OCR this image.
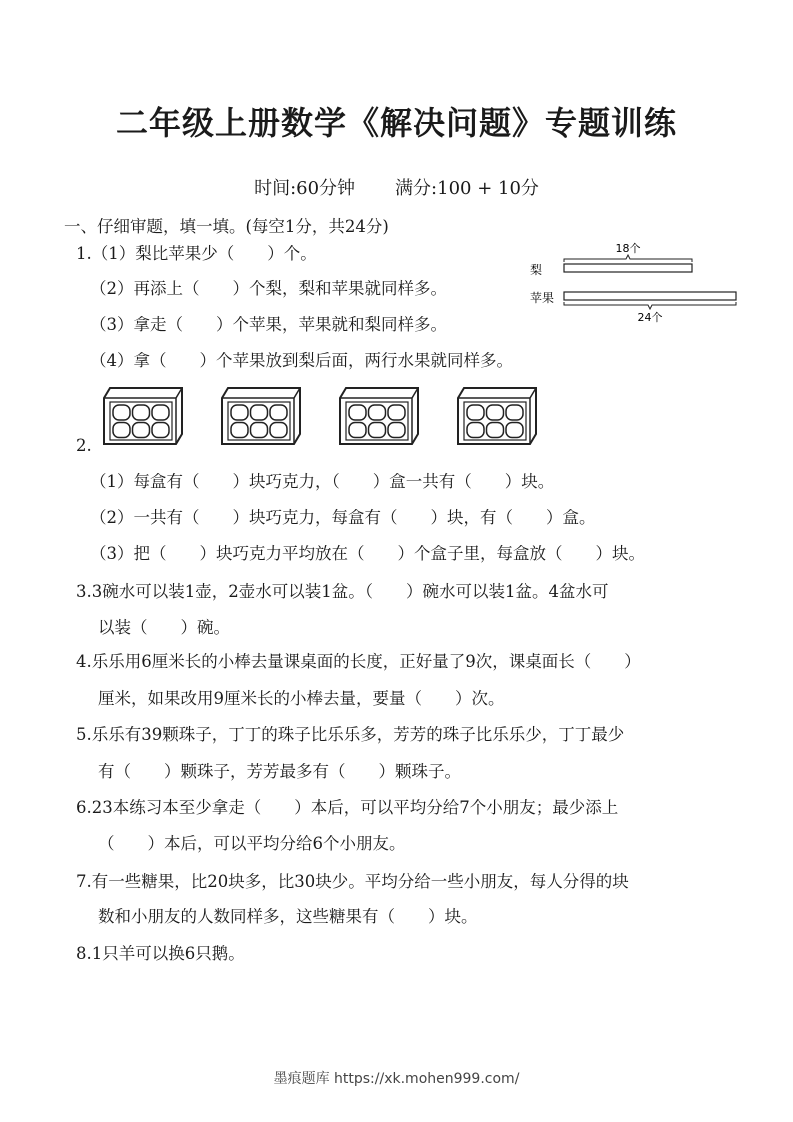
二年级上册数学《解决问题》专题训练
时间:60分钟 满分:100 + 10分
一、仔细审题，填一填。(每空1分，共24分)
1.（1）梨比苹果少（　　）个。
（2）再添上（　　）个梨，梨和苹果就同样多。
（3）拿走（　　）个苹果，苹果就和梨同样多。
（4）拿（　　）个苹果放到梨后面，两行水果就同样多。
梨
苹果
18个
24个
2.
（1）每盒有（　　）块巧克力，（　　）盒一共有（　　）块。
（2）一共有（　　）块巧克力，每盒有（　　）块，有（　　）盒。
（3）把（　　）块巧克力平均放在（　　）个盒子里，每盒放（　　）块。
3.3碗水可以装1壶，2壶水可以装1盆。（　　）碗水可以装1盆。4盆水可
以装（　　）碗。
4.乐乐用6厘米长的小棒去量课桌面的长度，正好量了9次，课桌面长（　　）
厘米，如果改用9厘米长的小棒去量，要量（　　）次。
5.乐乐有39颗珠子，丁丁的珠子比乐乐多，芳芳的珠子比乐乐少，丁丁最少
有（　　）颗珠子，芳芳最多有（　　）颗珠子。
6.23本练习本至少拿走（　　）本后，可以平均分给7个小朋友；最少添上
（　　）本后，可以平均分给6个小朋友。
7.有一些糖果，比20块多，比30块少。平均分给一些小朋友，每人分得的块
数和小朋友的人数同样多，这些糖果有（　　）块。
8.1只羊可以换6只鹅。
墨痕题库 https://xk.mohen999.com/
